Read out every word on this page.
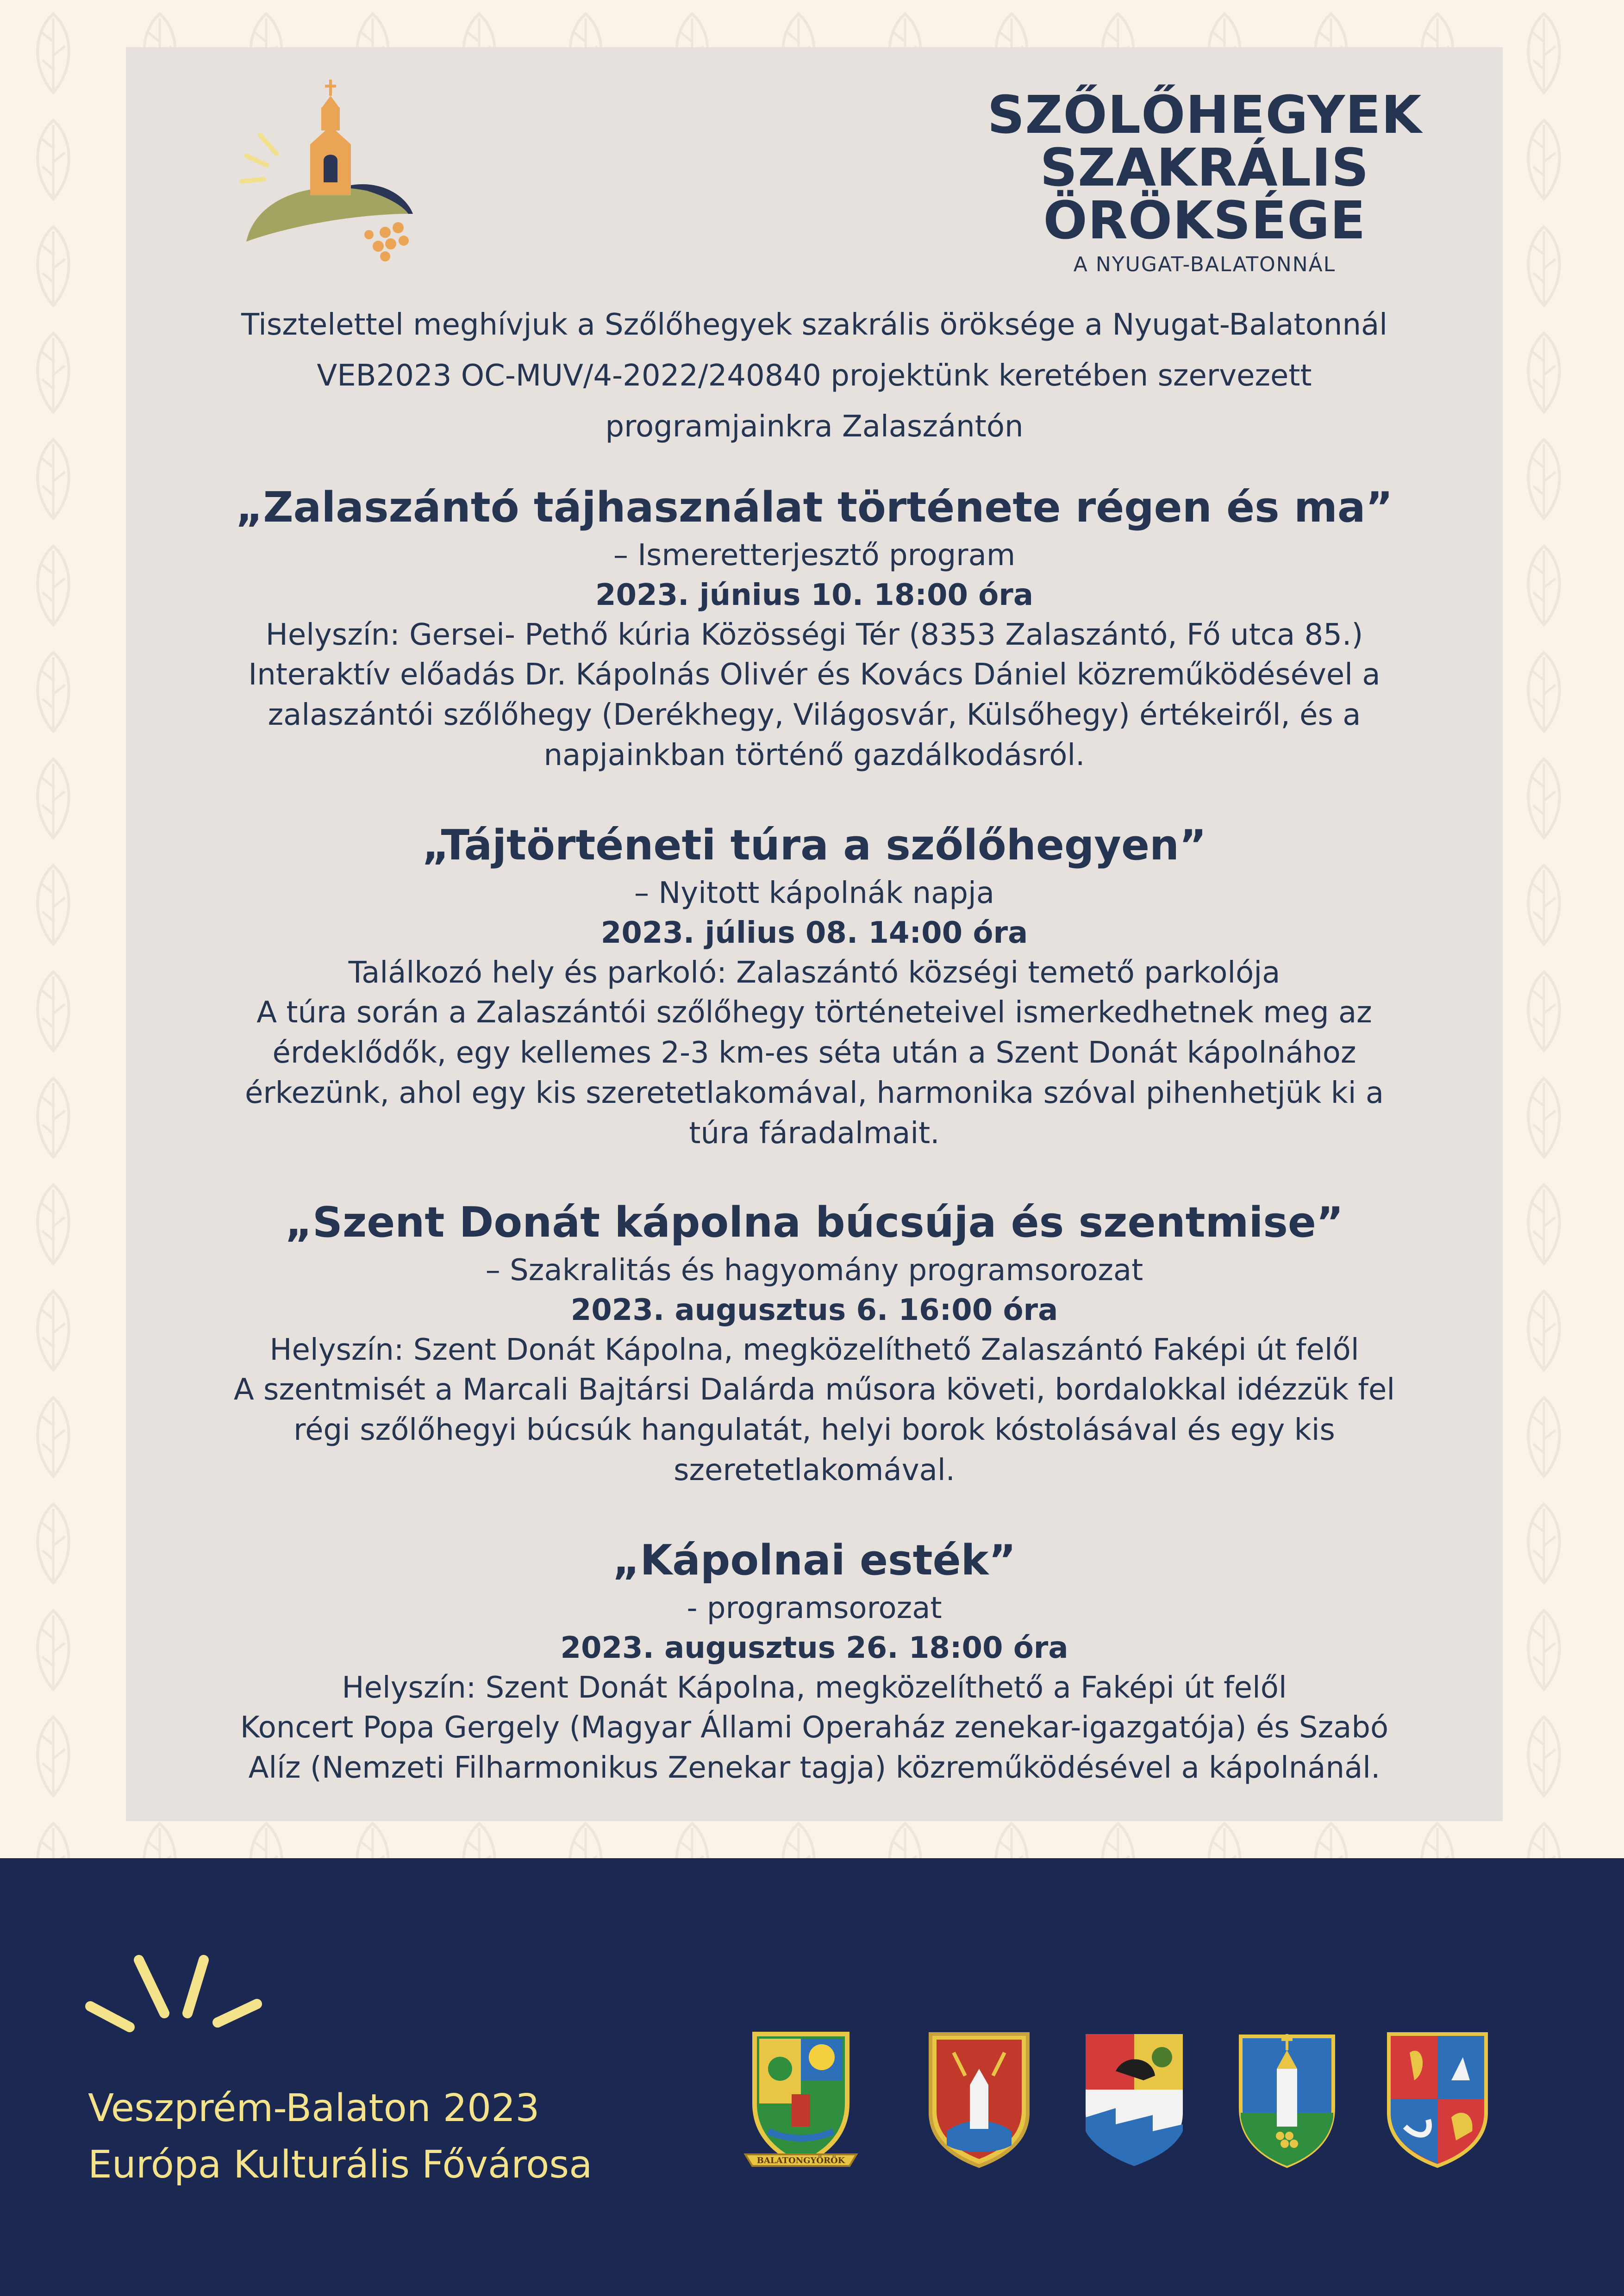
SZŐLŐHEGYEK
SZAKRÁLIS
ÖRÖKSÉGE
A NYUGAT-BALATONNÁL
Tisztelettel meghívjuk a Szőlőhegyek szakrális öröksége a Nyugat-Balatonnál
VEB2023 OC-MUV/4-2022/240840 projektünk keretében szervezett
programjainkra Zalaszántón
„Zalaszántó tájhasználat története régen és ma”
– Ismeretterjesztő program
2023. június 10. 18:00 óra
Helyszín: Gersei- Pethő kúria Közösségi Tér (8353 Zalaszántó, Fő utca 85.)
Interaktív előadás Dr. Kápolnás Olivér és Kovács Dániel közreműködésével a
zalaszántói szőlőhegy (Derékhegy, Világosvár, Külsőhegy) értékeiről, és a
napjainkban történő gazdálkodásról.
„Tájtörténeti túra a szőlőhegyen”
– Nyitott kápolnák napja
2023. július 08. 14:00 óra
Találkozó hely és parkoló: Zalaszántó községi temető parkolója
A túra során a Zalaszántói szőlőhegy történeteivel ismerkedhetnek meg az
érdeklődők, egy kellemes 2-3 km-es séta után a Szent Donát kápolnához
érkezünk, ahol egy kis szeretetlakomával, harmonika szóval pihenhetjük ki a
túra fáradalmait.
„Szent Donát kápolna búcsúja és szentmise”
– Szakralitás és hagyomány programsorozat
2023. augusztus 6. 16:00 óra
Helyszín: Szent Donát Kápolna, megközelíthető Zalaszántó Faképi út felől
A szentmisét a Marcali Bajtársi Dalárda műsora követi, bordalokkal idézzük fel
régi szőlőhegyi búcsúk hangulatát, helyi borok kóstolásával és egy kis
szeretetlakomával.
„Kápolnai esték”
- programsorozat
2023. augusztus 26. 18:00 óra
Helyszín: Szent Donát Kápolna, megközelíthető a Faképi út felől
Koncert Popa Gergely (Magyar Állami Operaház zenekar-igazgatója) és Szabó
Alíz (Nemzeti Filharmonikus Zenekar tagja) közreműködésével a kápolnánál.
Veszprém-Balaton 2023
Európa Kulturális Fővárosa	BALATONGYÖRÖK
